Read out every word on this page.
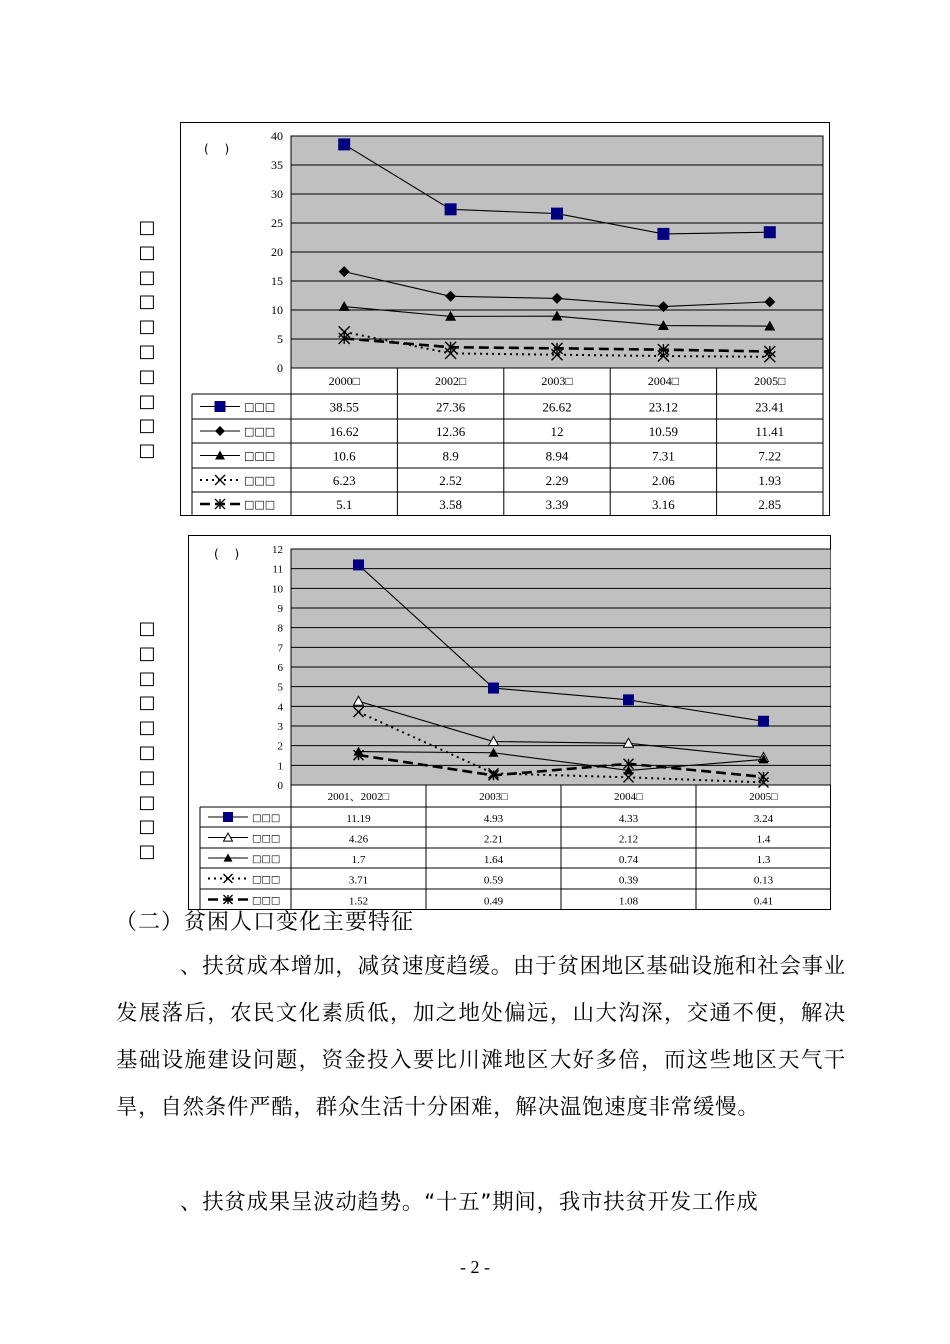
□
□
□
□
□
□
□
□
□
□
□
□
□
□
□
□
□
□
□
□
0
5
10
15
20
25
30
35
40
(　 )
2000□	2002□	2003□	2004□	2005□
□□□	38.55	27.36	26.62	23.12	23.41
□□□	16.62	12.36	12	10.59	11.41
□□□	10.6	8.9	8.94	7.31	7.22
□□□	6.23	2.52	2.29	2.06	1.93
□□□	5.1	3.58	3.39	3.16	2.85
0
1
2
3
4
5
6
7
8
9
10
11
12
(　 )
2001、2002□	2003□	2004□	2005□
□□□	11.19	4.93	4.33	3.24
□□□	4.26	2.21	2.12	1.4
□□□	1.7	1.64	0.74	1.3
□□□	3.71	0.59	0.39	0.13
□□□	1.52	0.49	1.08	0.41
（二）贫困人口变化主要特征
、扶贫成本增加，减贫速度趋缓。由于贫困地区基础设施和社会事业发展落后，农民文化素质低，加之地处偏远，山大沟深，交通不便，解决基础设施建设问题，资金投入要比川滩地区大好多倍，而这些地区天气干旱，自然条件严酷，群众生活十分困难，解决温饱速度非常缓慢。
、扶贫成果呈波动趋势。“十五”期间，我市扶贫开发工作成
- 2 -
